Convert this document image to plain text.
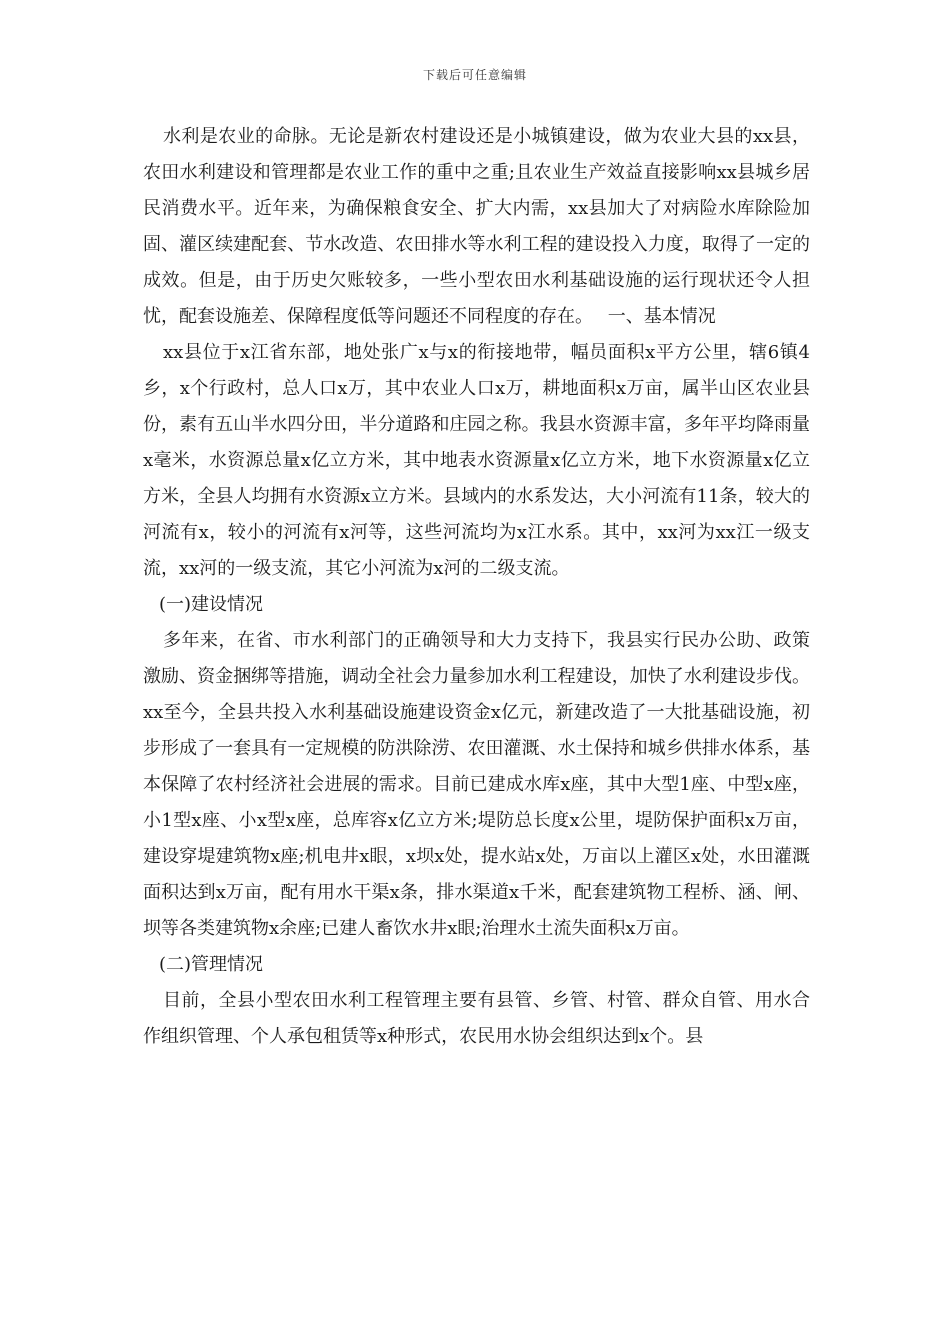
下载后可任意编辑

水利是农业的命脉。无论是新农村建设还是小城镇建设，做为农业大县的xx县，农田水利建设和管理都是农业工作的重中之重;且农业生产效益直接影响xx县城乡居民消费水平。近年来，为确保粮食安全、扩大内需，xx县加大了对病险水库除险加固、灌区续建配套、节水改造、农田排水等水利工程的建设投入力度，取得了一定的成效。但是，由于历史欠账较多，一些小型农田水利基础设施的运行现状还令人担忧，配套设施差、保障程度低等问题还不同程度的存在。　 一、基本情况

xx县位于x江省东部，地处张广x与x的衔接地带，幅员面积x平方公里，辖6镇4乡，x个行政村，总人口x万，其中农业人口x万，耕地面积x万亩，属半山区农业县份，素有五山半水四分田，半分道路和庄园之称。我县水资源丰富，多年平均降雨量x毫米，水资源总量x亿立方米，其中地表水资源量x亿立方米，地下水资源量x亿立方米，全县人均拥有水资源x立方米。县域内的水系发达，大小河流有11条，较大的河流有x，较小的河流有x河等，这些河流均为x江水系。其中，xx河为xx江一级支流，xx河的一级支流，其它小河流为x河的二级支流。

(一)建设情况

多年来，在省、市水利部门的正确领导和大力支持下，我县实行民办公助、政策激励、资金捆绑等措施，调动全社会力量参加水利工程建设，加快了水利建设步伐。xx至今，全县共投入水利基础设施建设资金x亿元，新建改造了一大批基础设施，初步形成了一套具有一定规模的防洪除涝、农田灌溉、水土保持和城乡供排水体系，基本保障了农村经济社会进展的需求。目前已建成水库x座，其中大型1座、中型x座，小1型x座、小x型x座，总库容x亿立方米;堤防总长度x公里，堤防保护面积x万亩，建设穿堤建筑物x座;机电井x眼，x坝x处，提水站x处，万亩以上灌区x处，水田灌溉面积达到x万亩，配有用水干渠x条，排水渠道x千米，配套建筑物工程桥、涵、闸、坝等各类建筑物x余座;已建人畜饮水井x眼;治理水土流失面积x万亩。

(二)管理情况

目前，全县小型农田水利工程管理主要有县管、乡管、村管、群众自管、用水合作组织管理、个人承包租赁等x种形式，农民用水协会组织达到x个。县
